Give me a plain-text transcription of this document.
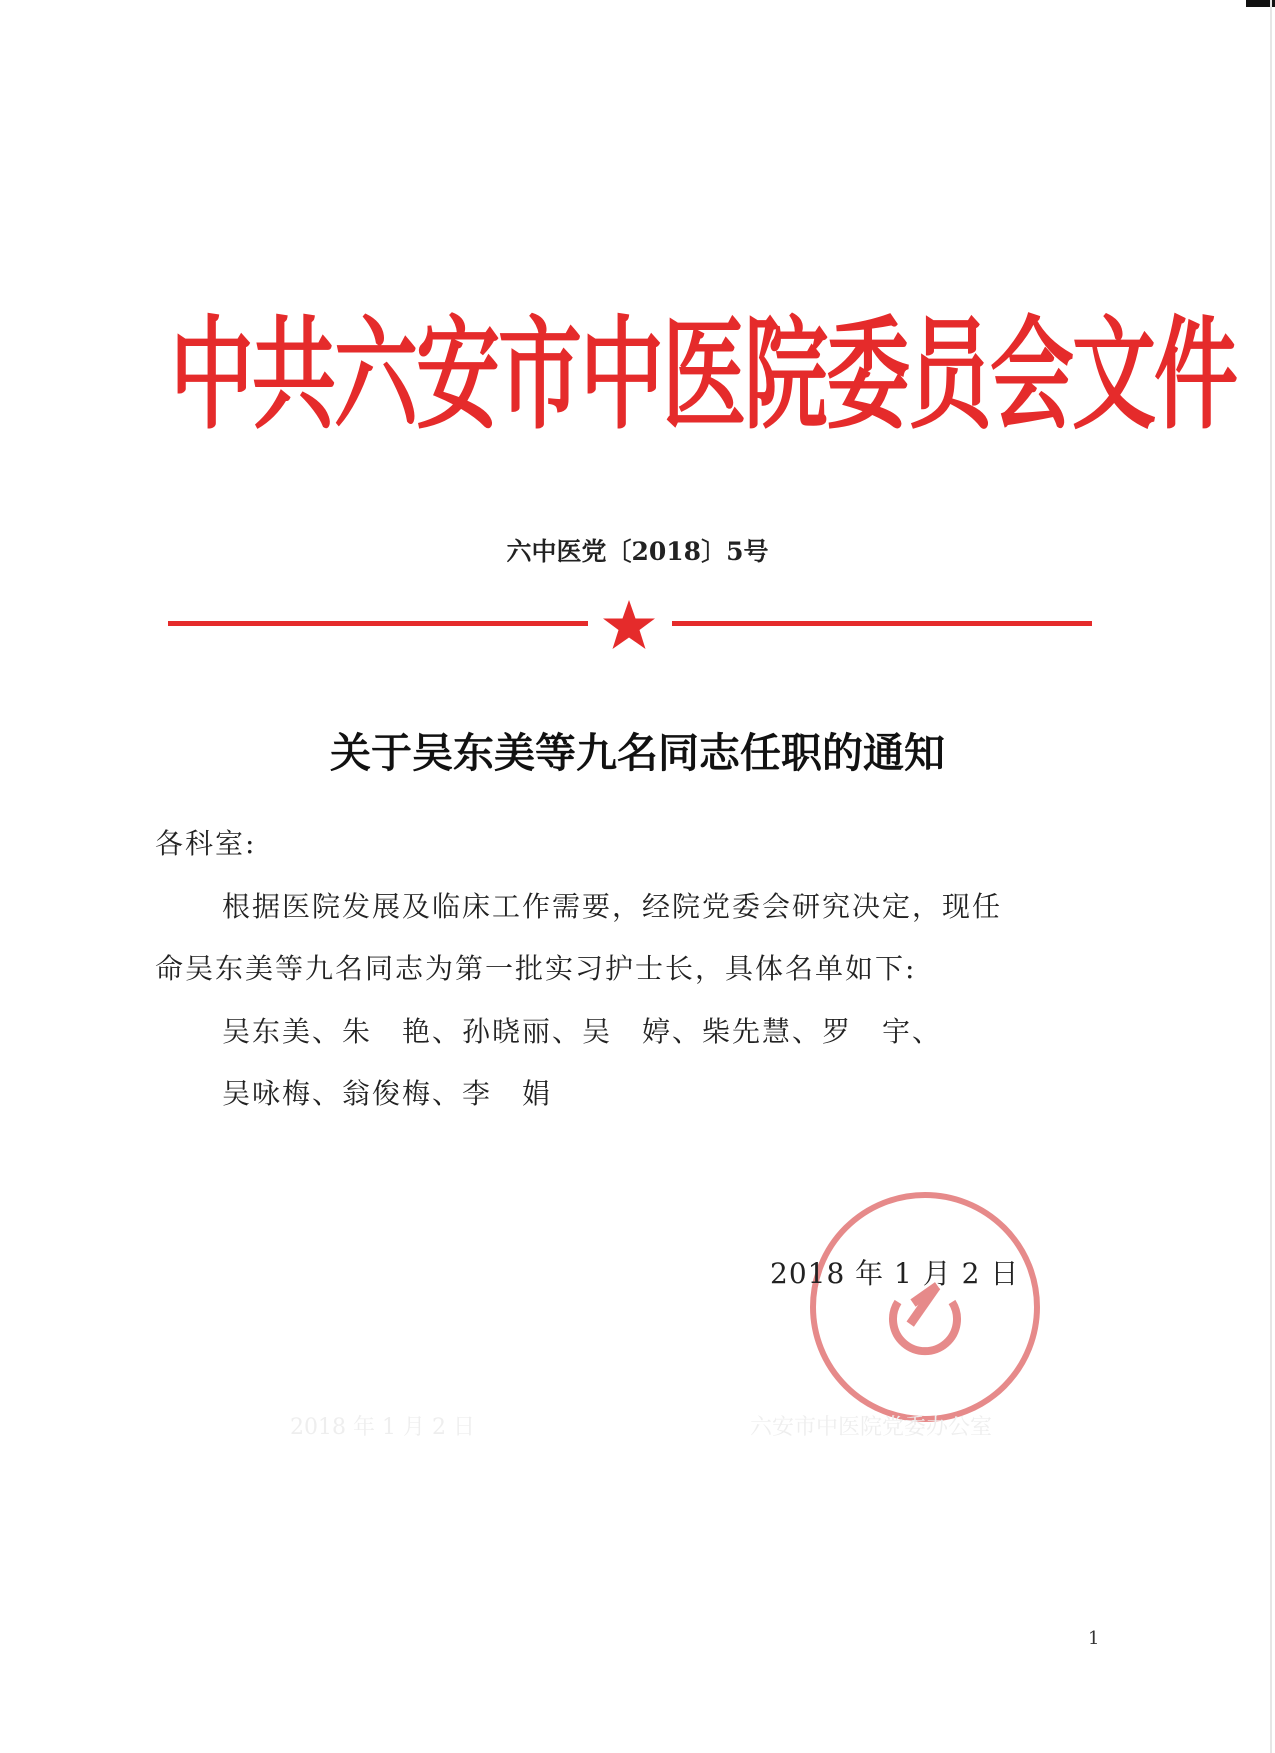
中共六安市中医院委员会文件
六中医党〔2018〕5号
关于吴东美等九名同志任职的通知
各科室:
根据医院发展及临床工作需要，经院党委会研究决定，现任
命吴东美等九名同志为第一批实习护士长，具体名单如下:
吴东美、朱　艳、孙晓丽、吴　婷、柴先慧、罗　宇、
吴咏梅、翁俊梅、李　娟
2018 年 1 月 2 日
2018 年 1 月 2 日	六安市中医院党委办公室
1
